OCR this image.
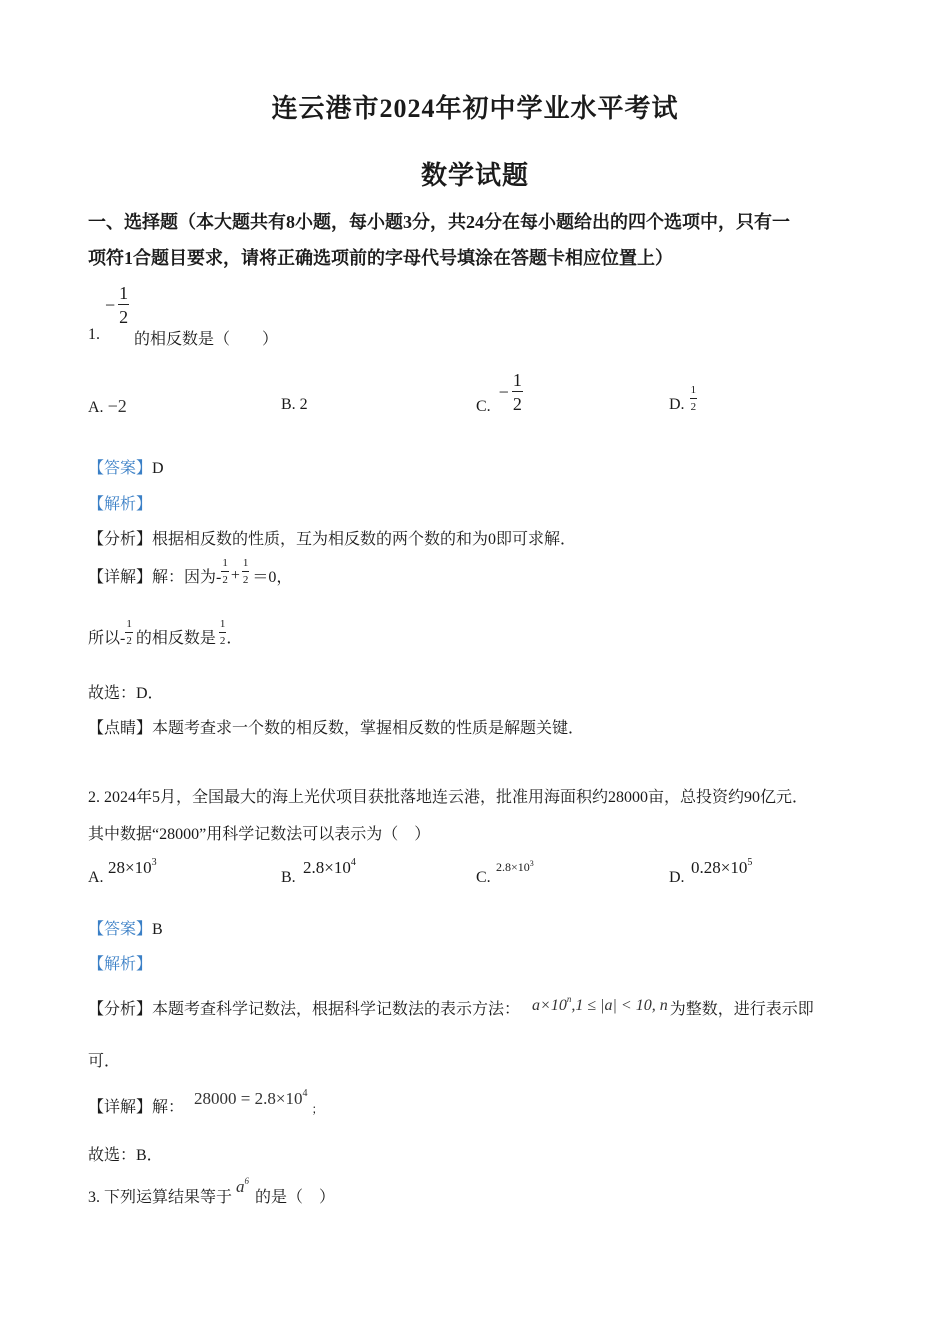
连云港市2024年初中学业水平考试
数学试题
一、选择题（本大题共有8小题，每小题3分，共24分在每小题给出的四个选项中，只有一
项符1合题目要求，请将正确选项前的字母代号填涂在答题卡相应位置上）
1.
− $\frac{1}{2}$
的相反数是（　　）
A. −2	B. 2	C.
− $\frac{1}{2}$	D. $\frac{1}{2}$
【答案】D
【解析】
【分析】根据相反数的性质，互为相反数的两个数的和为0即可求解．
【详解】 解：因为- $\frac{1}{2} + \frac{1}{2} =0$，
所以- $\frac{1}{2}$ 的相反数是 $\frac{1}{2}$ ．
故选：D．
【点睛】本题考查求一个数的相反数，掌握相反数的性质是解题关键．
2. 2024年5月，全国最大的海上光伏项目获批落地连云港，批准用海面积约28000亩，总投资约90亿元．
其中数据“28000”用科学记数法可以表示为（　）
A.
$28\times 10^3$
B.
$2.8\times 10^4$
C.
$2.8\times 10^3$
D.
$0.28\times 10^5$
【答案】B
【解析】
【分析】 本题考查科学记数法，根据科学记数法的表示方法： $a\times 10^n,1 \le |a| < 10$, n 为整数，进行表示即
可．
【详解】 解： $28000 = 2.8\times 10^4$
；
故选：B．
3. 下列运算结果等于
$a^6$
的是（　）
